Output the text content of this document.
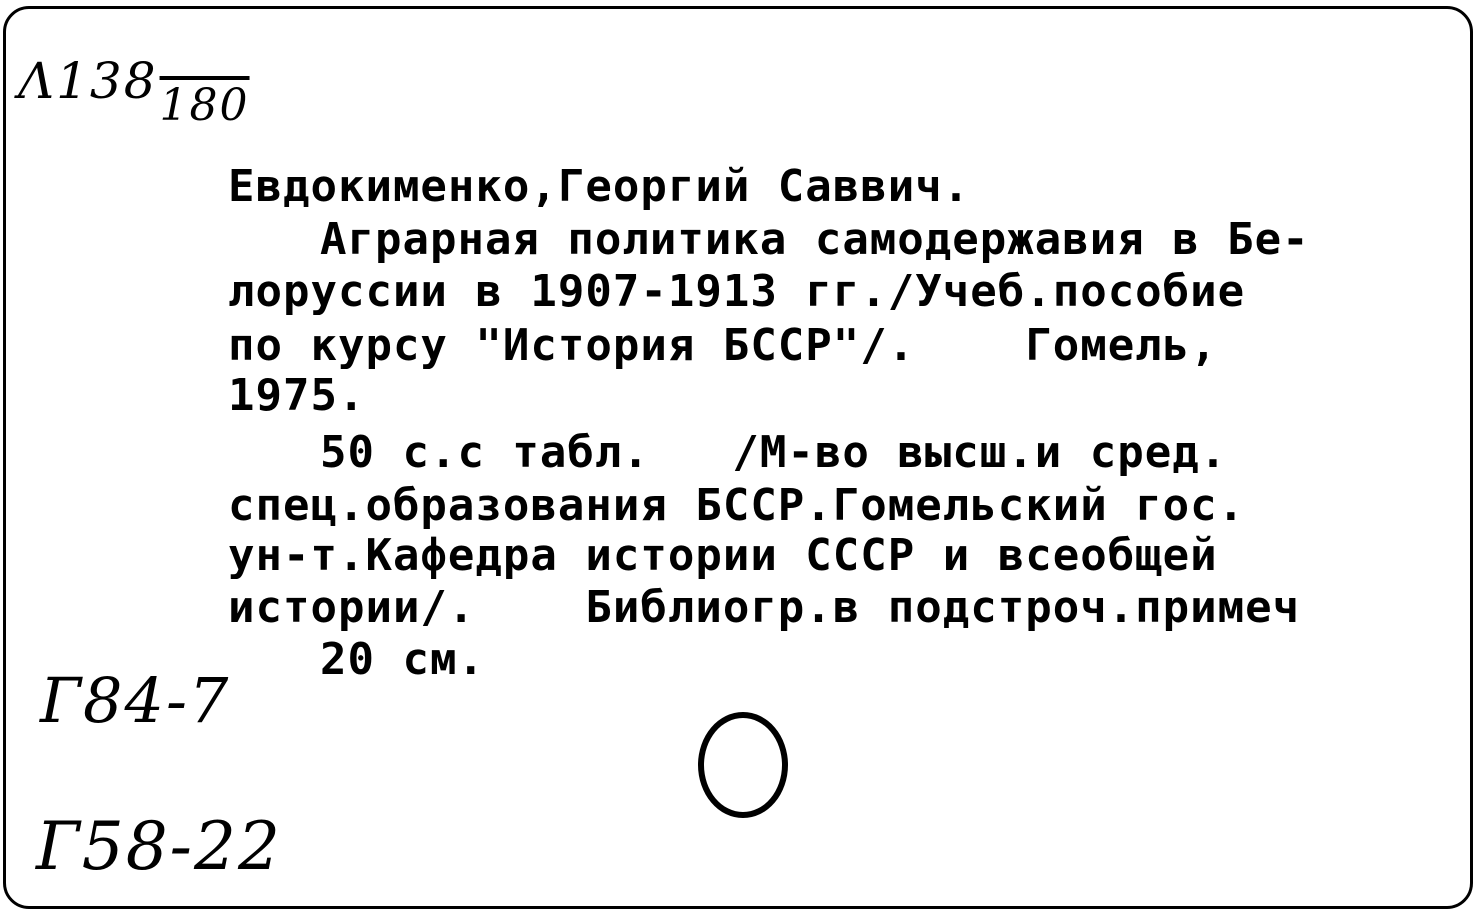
Λ138180
Евдокименко,Георгий Саввич.
Аграрная политика самодержавия в Бе-
лоруссии в 1907-1913 гг./Учеб.пособие
по курсу "История БССР"/.    Гомель,
1975.
50 с.с табл.   /М-во высш.и сред.
спец.образования БССР.Гомельский гос.
ун-т.Кафедра истории СССР и всеобщей
истории/.    Библиогр.в подстроч.примеч
20 см.
Г84-7
Г58-22
